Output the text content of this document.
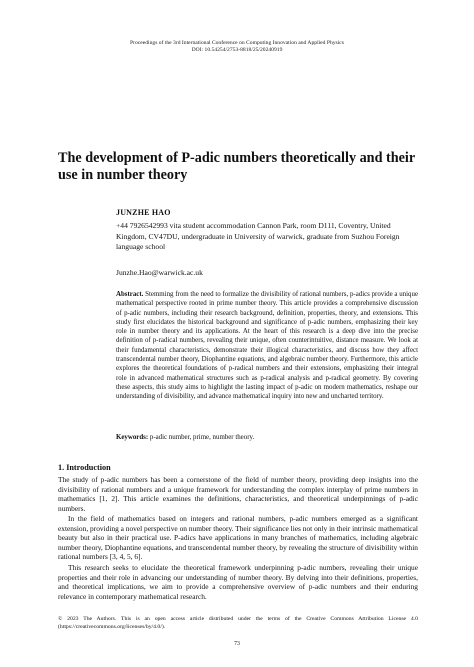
Proceedings of the 3rd International Conference on Computing Innovation and Applied Physics
DOI: 10.54254/2753-8818/25/20240919
The development of P-adic numbers theoretically and their use in number theory
JUNZHE HAO
+44 7926542993 vita student accommodation Cannon Park, room D111, Coventry, United Kingdom, CV47DU, undergraduate in University of warwick, graduate from Suzhou Foreign language school
Junzhe.Hao@warwick.ac.uk

Abstract. Stemming from the need to formalize the divisibility of rational numbers, p-adics provide a unique mathematical perspective rooted in prime number theory. This article provides a comprehensive discussion of p-adic numbers, including their research background, definition, properties, theory, and extensions. This study first elucidates the historical background and significance of p-adic numbers, emphasizing their key role in number theory and its applications. At the heart of this research is a deep dive into the precise definition of p-radical numbers, revealing their unique, often counterintuitive, distance measure. We look at their fundamental characteristics, demonstrate their illogical characteristics, and discuss how they affect transcendental number theory, Diophantine equations, and algebraic number theory. Furthermore, this article explores the theoretical foundations of p-radical numbers and their extensions, emphasizing their integral role in advanced mathematical structures such as p-radical analysis and p-radical geometry. By covering these aspects, this study aims to highlight the lasting impact of p-adic on modern mathematics, reshape our understanding of divisibility, and advance mathematical inquiry into new and uncharted territory.

Keywords: p-adic number, prime, number theory.
1. Introduction

The study of p-adic numbers has been a cornerstone of the field of number theory, providing deep insights into the divisibility of rational numbers and a unique framework for understanding the complex interplay of prime numbers in mathematics [1, 2]. This article examines the definitions, characteristics, and theoretical underpinnings of p-adic numbers.

In the field of mathematics based on integers and rational numbers, p-adic numbers emerged as a significant extension, providing a novel perspective on number theory. Their significance lies not only in their intrinsic mathematical beauty but also in their practical use. P-adics have applications in many branches of mathematics, including algebraic number theory, Diophantine equations, and transcendental number theory, by revealing the structure of divisibility within rational numbers [3, 4, 5, 6].

This research seeks to elucidate the theoretical framework underpinning p-adic numbers, revealing their unique properties and their role in advancing our understanding of number theory. By delving into their definitions, properties, and theoretical implications, we aim to provide a comprehensive overview of p-adic numbers and their enduring relevance in contemporary mathematical research.

© 2023 The Authors. This is an open access article distributed under the terms of the Creative Commons Attribution License 4.0 (https://creativecommons.org/licenses/by/4.0/).

73
